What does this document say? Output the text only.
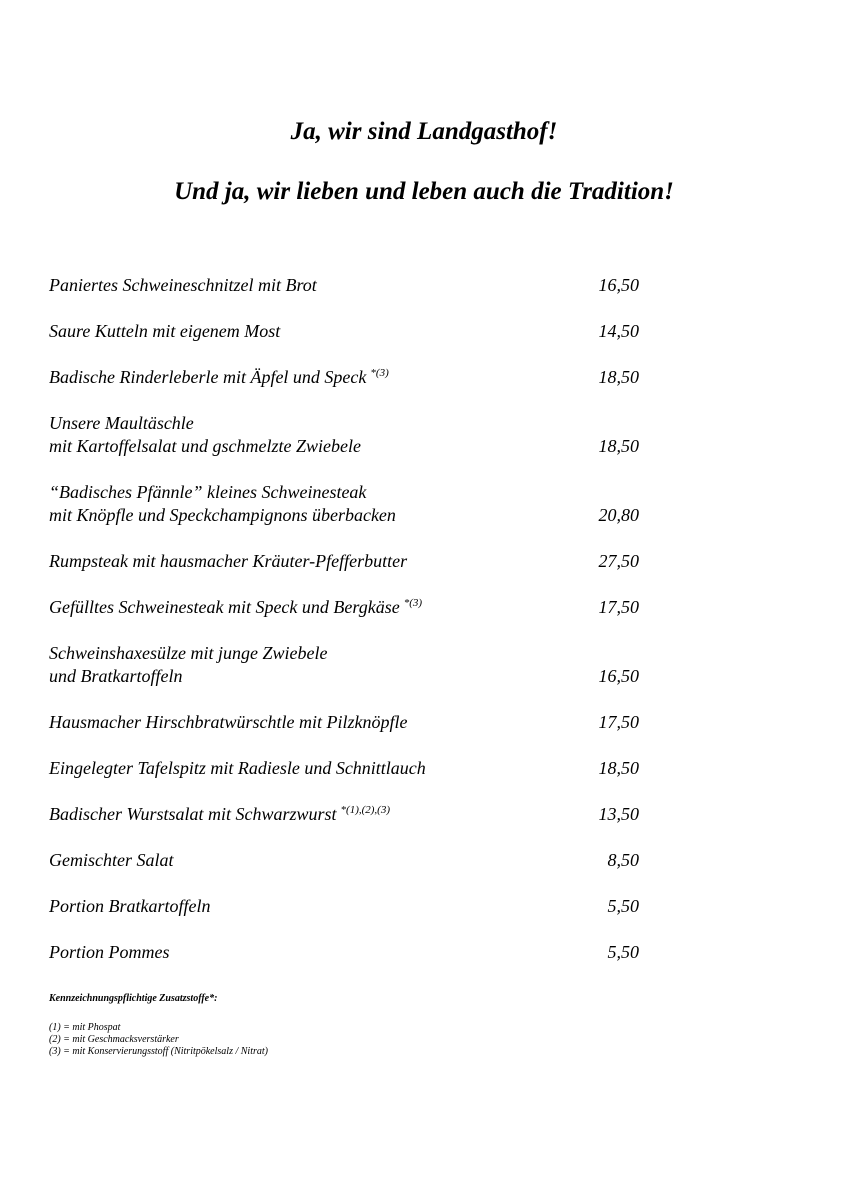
Ja, wir sind Landgasthof!
Und ja, wir lieben und leben auch die Tradition!
Paniertes Schweineschnitzel mit Brot	16,50
Saure Kutteln mit eigenem Most	14,50
Badische Rinderleberle mit Äpfel und Speck $^{*(3)}$	18,50
Unsere Maultäschle
mit Kartoffelsalat und gschmelzte Zwiebele	18,50
“Badisches Pfännle” kleines Schweinesteak
mit Knöpfle und Speckchampignons überbacken	20,80
Rumpsteak mit hausmacher Kräuter-Pfefferbutter	27,50
Gefülltes Schweinesteak mit Speck und Bergkäse $^{*(3)}$	17,50
Schweinshaxesülze mit junge Zwiebele
und Bratkartoffeln	16,50
Hausmacher Hirschbratwürschtle mit Pilzknöpfle	17,50
Eingelegter Tafelspitz mit Radiesle und Schnittlauch	18,50
Badischer Wurstsalat mit Schwarzwurst $^{*(1),(2),(3)}$	13,50
Gemischter Salat	8,50
Portion Bratkartoffeln	5,50
Portion Pommes	5,50
Kennzeichnungspflichtige Zusatzstoffe*:
(1) = mit Phospat
(2) = mit Geschmacksverstärker
(3) = mit Konservierungsstoff (Nitritpökelsalz / Nitrat)
